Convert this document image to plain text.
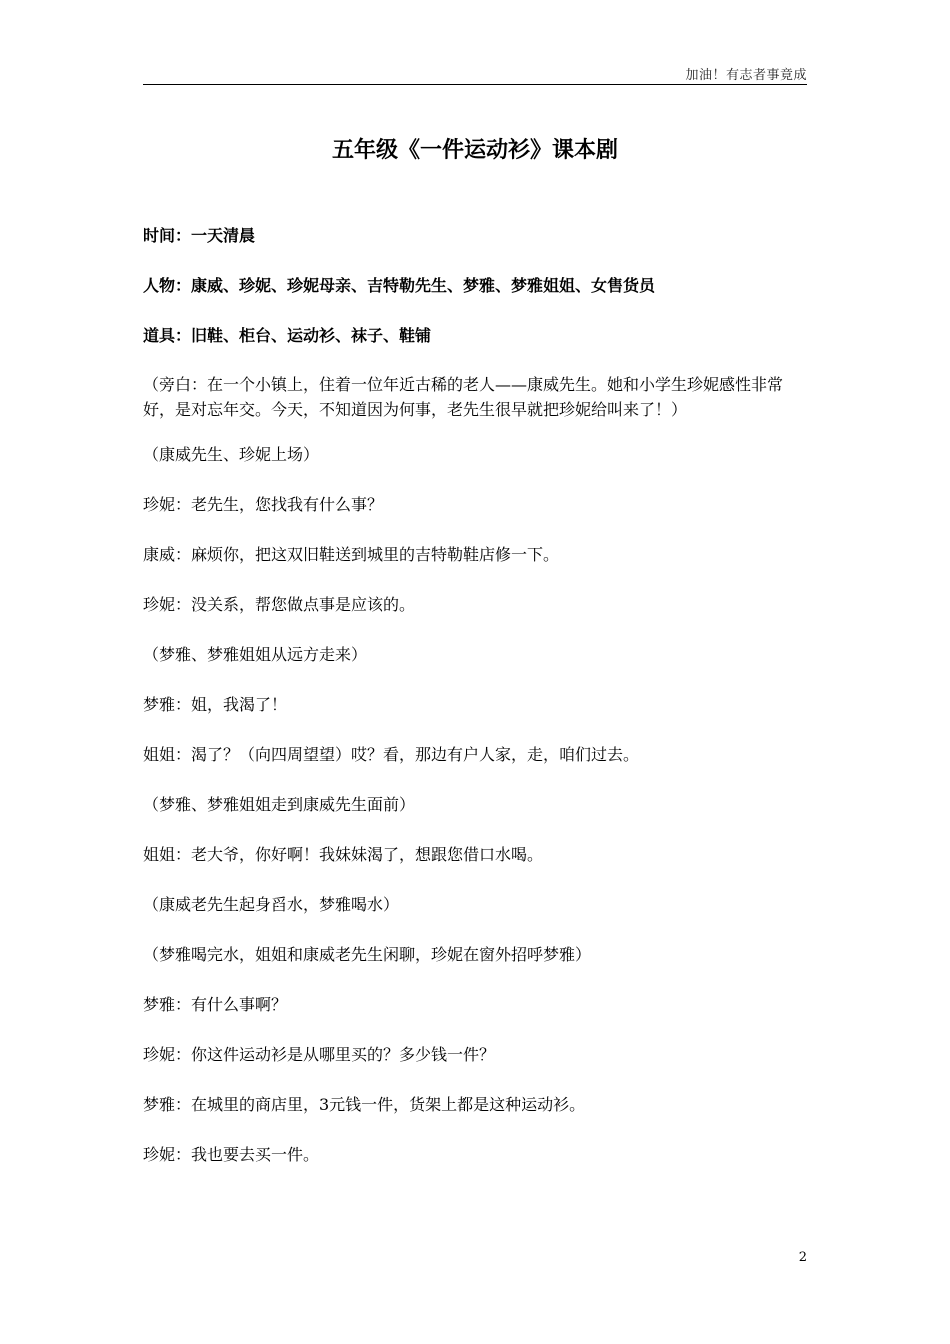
加油！有志者事竟成
五年级《一件运动衫》课本剧
时间：一天清晨
人物：康威、珍妮、珍妮母亲、吉特勒先生、梦雅、梦雅姐姐、女售货员
道具：旧鞋、柜台、运动衫、袜子、鞋铺
（旁白：在一个小镇上，住着一位年近古稀的老人——康威先生。她和小学生珍妮感性非常好，是对忘年交。今天，不知道因为何事，老先生很早就把珍妮给叫来了！）
（康威先生、珍妮上场）
珍妮：老先生，您找我有什么事？
康威：麻烦你，把这双旧鞋送到城里的吉特勒鞋店修一下。
珍妮：没关系，帮您做点事是应该的。
（梦雅、梦雅姐姐从远方走来）
梦雅：姐，我渴了！
姐姐：渴了？（向四周望望）哎？看，那边有户人家，走，咱们过去。
（梦雅、梦雅姐姐走到康威先生面前）
姐姐：老大爷，你好啊！我妹妹渴了，想跟您借口水喝。
（康威老先生起身舀水，梦雅喝水）
（梦雅喝完水，姐姐和康威老先生闲聊，珍妮在窗外招呼梦雅）
梦雅：有什么事啊？
珍妮：你这件运动衫是从哪里买的？多少钱一件？
梦雅：在城里的商店里，3元钱一件，货架上都是这种运动衫。
珍妮：我也要去买一件。
2
